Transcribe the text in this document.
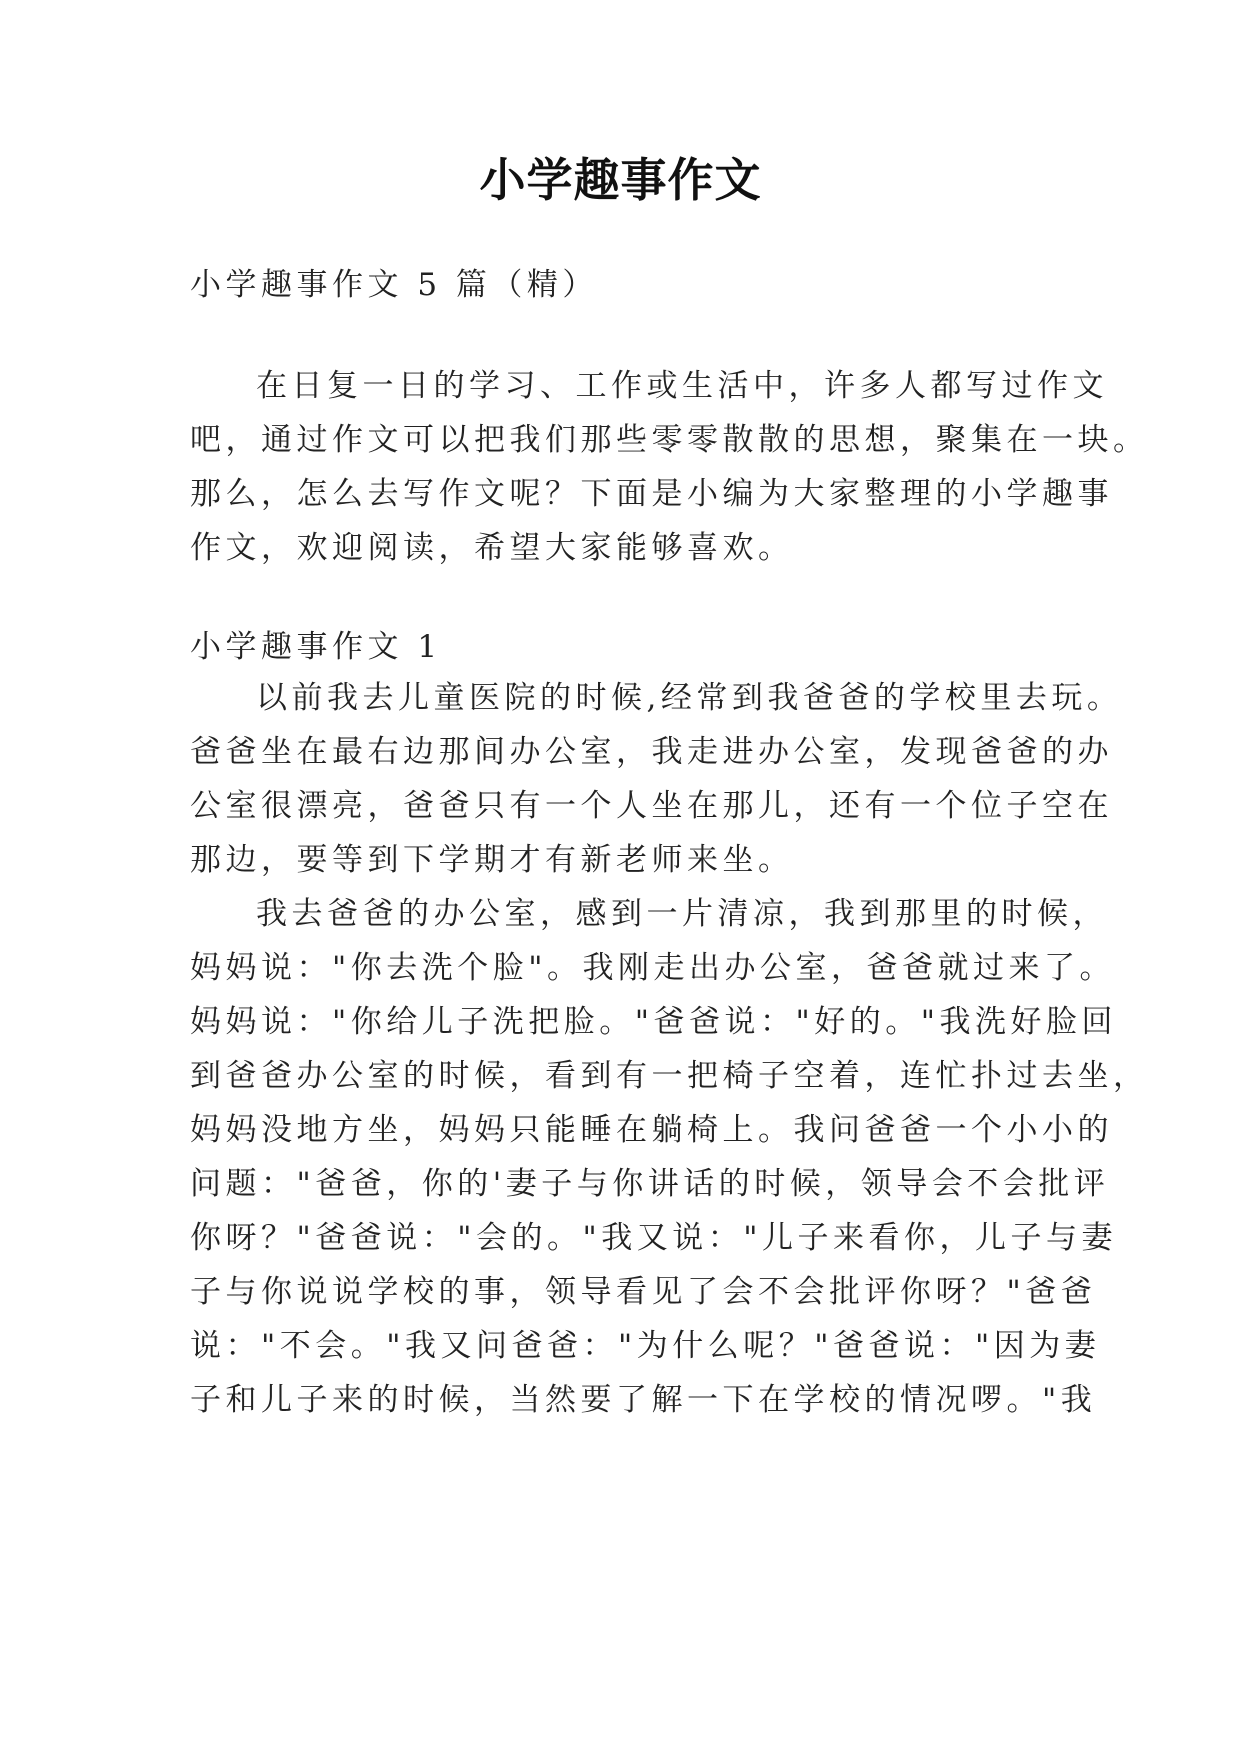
小学趣事作文

小学趣事作文 5 篇（精）

在日复一日的学习、工作或生活中，许多人都写过作文

吧，通过作文可以把我们那些零零散散的思想，聚集在一块。

那么，怎么去写作文呢？下面是小编为大家整理的小学趣事

作文，欢迎阅读，希望大家能够喜欢。

小学趣事作文 1

以前我去儿童医院的时候,经常到我爸爸的学校里去玩。

爸爸坐在最右边那间办公室，我走进办公室，发现爸爸的办

公室很漂亮，爸爸只有一个人坐在那儿，还有一个位子空在

那边，要等到下学期才有新老师来坐。

我去爸爸的办公室，感到一片清凉，我到那里的时候，

妈妈说："你去洗个脸"。我刚走出办公室，爸爸就过来了。

妈妈说："你给儿子洗把脸。"爸爸说："好的。"我洗好脸回

到爸爸办公室的时候，看到有一把椅子空着，连忙扑过去坐，

妈妈没地方坐，妈妈只能睡在躺椅上。我问爸爸一个小小的

问题："爸爸，你的'妻子与你讲话的时候，领导会不会批评

你呀？"爸爸说："会的。"我又说："儿子来看你，儿子与妻

子与你说说学校的事，领导看见了会不会批评你呀？"爸爸

说："不会。"我又问爸爸："为什么呢？"爸爸说："因为妻

子和儿子来的时候，当然要了解一下在学校的情况啰。"我
